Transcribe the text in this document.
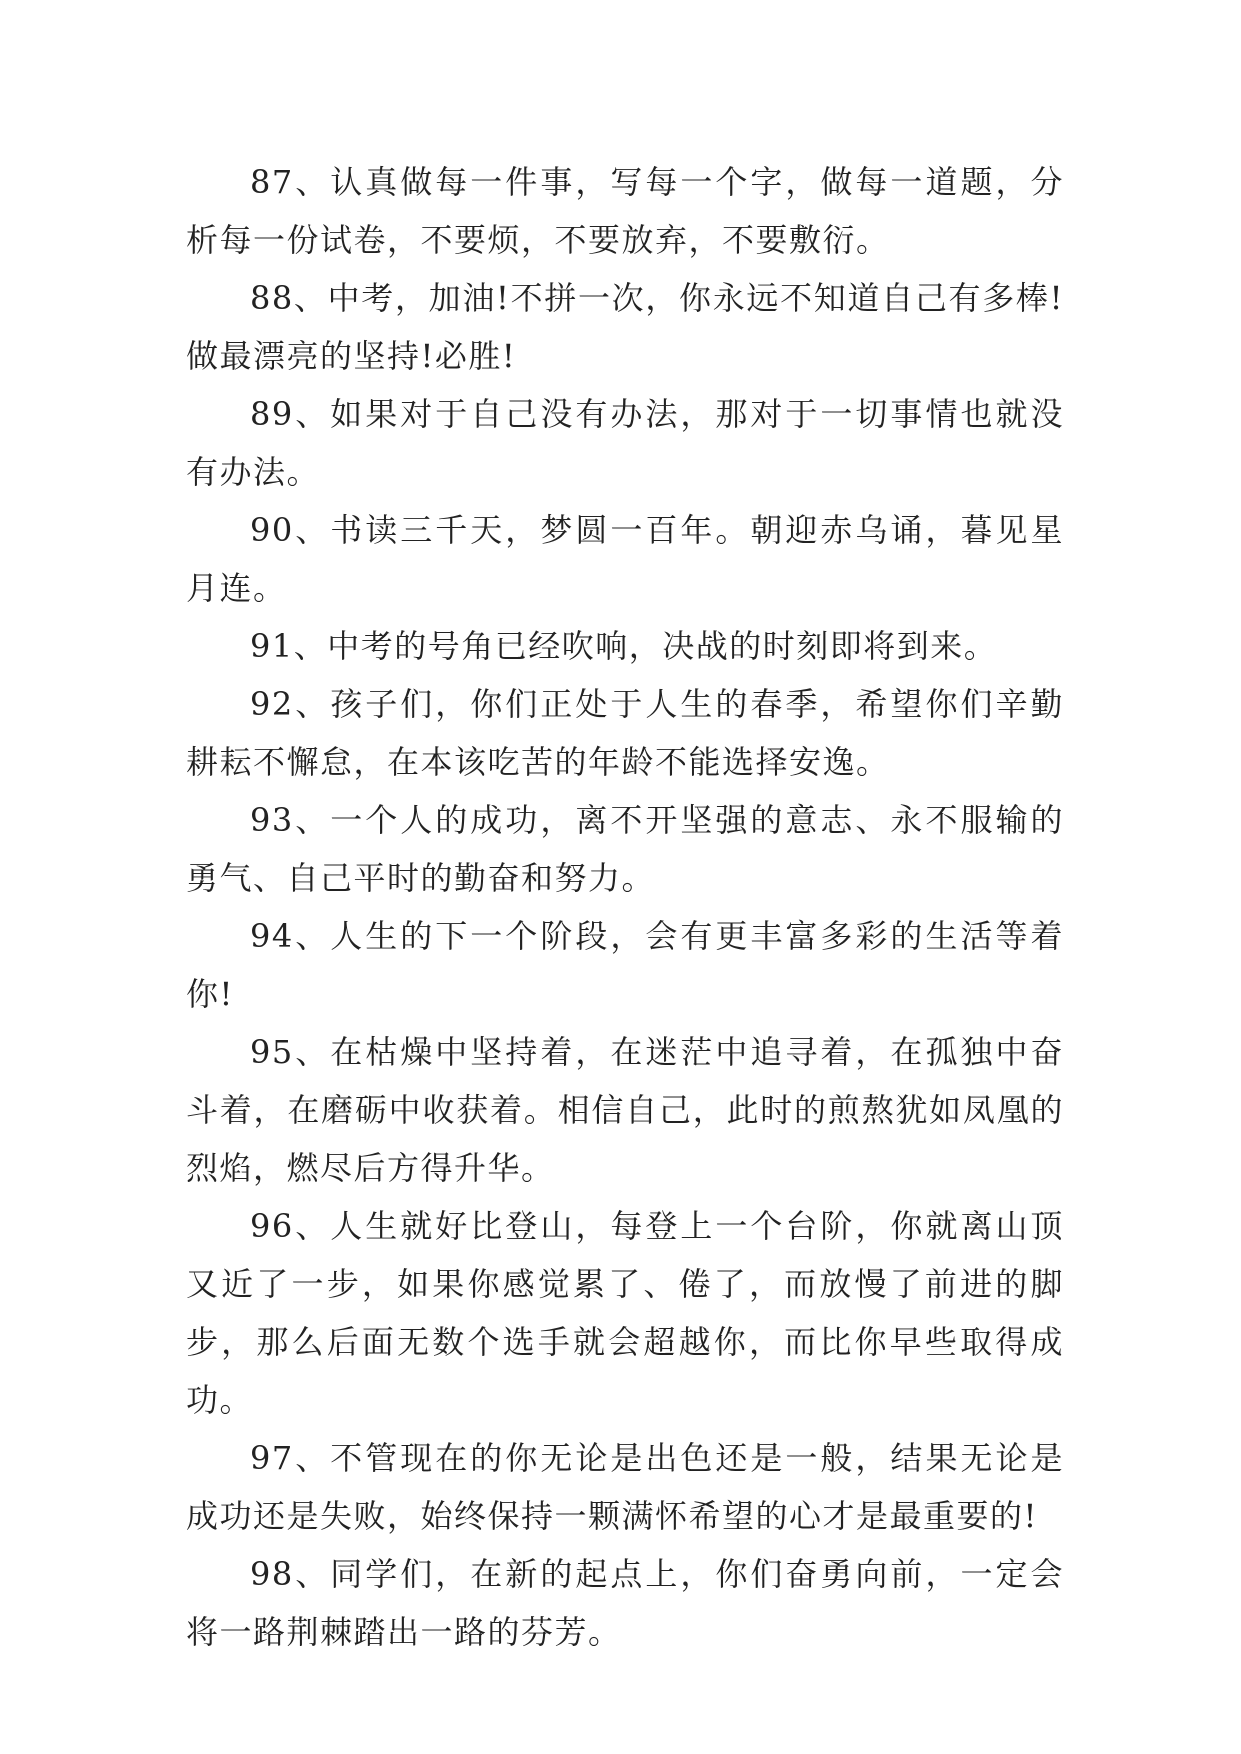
87、认真做每一件事，写每一个字，做每一道题，分析每一份试卷，不要烦，不要放弃，不要敷衍。

88、中考，加油!不拼一次，你永远不知道自己有多棒!做最漂亮的坚持!必胜!

89、如果对于自己没有办法，那对于一切事情也就没有办法。

90、书读三千天，梦圆一百年。朝迎赤乌诵，暮见星月连。

91、中考的号角已经吹响，决战的时刻即将到来。

92、孩子们，你们正处于人生的春季，希望你们辛勤耕耘不懈怠，在本该吃苦的年龄不能选择安逸。

93、一个人的成功，离不开坚强的意志、永不服输的勇气、自己平时的勤奋和努力。

94、人生的下一个阶段，会有更丰富多彩的生活等着你!

95、在枯燥中坚持着，在迷茫中追寻着，在孤独中奋斗着，在磨砺中收获着。相信自己，此时的煎熬犹如凤凰的烈焰，燃尽后方得升华。

96、人生就好比登山，每登上一个台阶，你就离山顶又近了一步，如果你感觉累了、倦了，而放慢了前进的脚步，那么后面无数个选手就会超越你，而比你早些取得成功。

97、不管现在的你无论是出色还是一般，结果无论是成功还是失败，始终保持一颗满怀希望的心才是最重要的!

98、同学们，在新的起点上，你们奋勇向前，一定会将一路荆棘踏出一路的芬芳。
